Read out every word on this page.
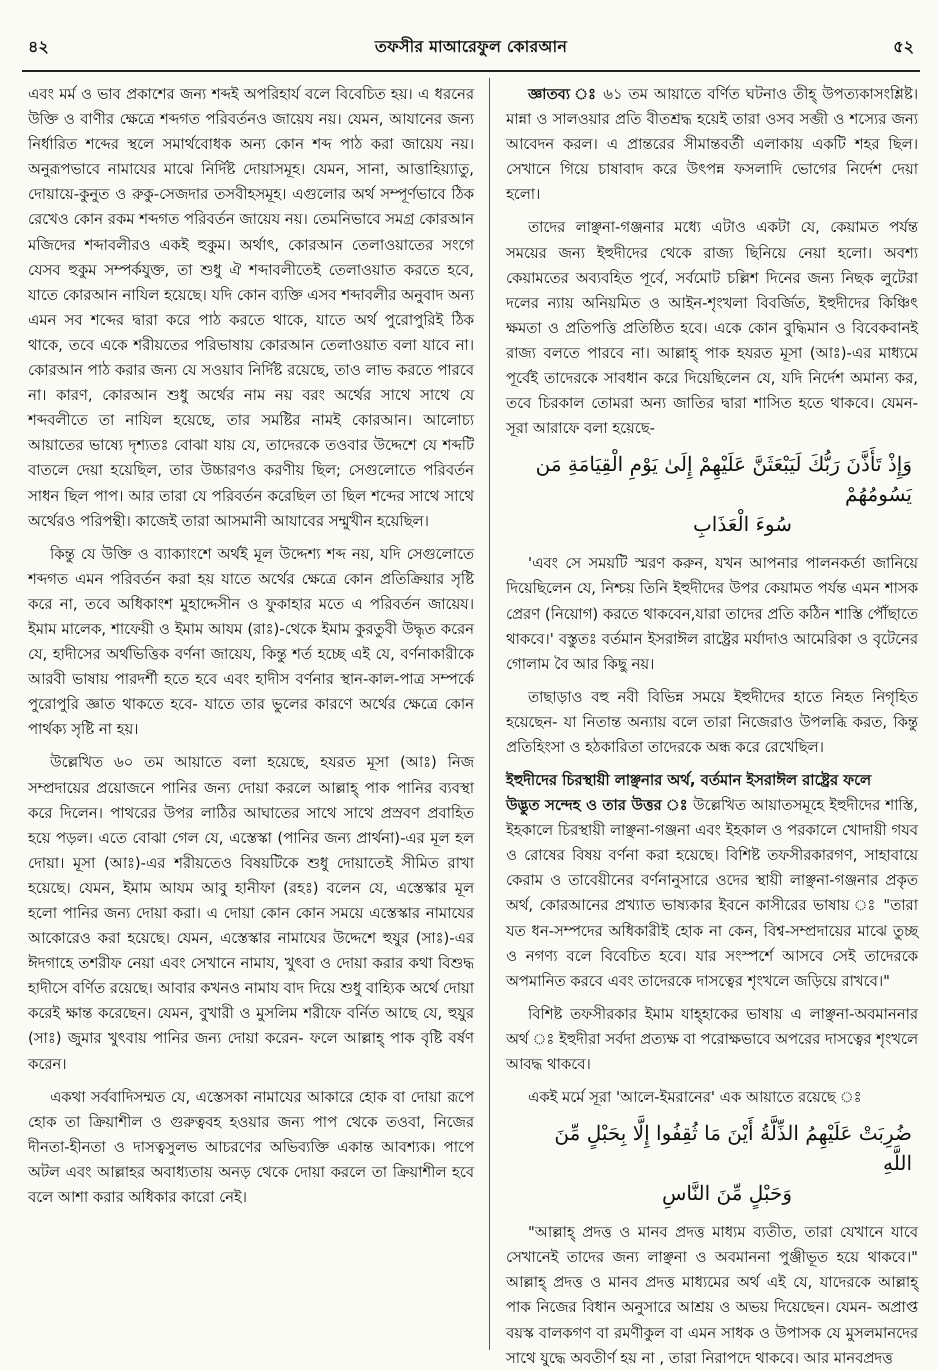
৪২	তফসীর মাআরেফুল কোরআন	৫২

এবং মর্ম ও ভাব প্রকাশের জন্য শব্দই অপরিহার্য বলে বিবেচিত হয়। এ ধরনের উক্তি ও বাণীর ক্ষেত্রে শব্দগত পরিবর্তনও জায়েয নয়। যেমন, আযানের জন্য নির্ধারিত শব্দের স্থলে সমার্থবোধক অন্য কোন শব্দ পাঠ করা জায়েয নয়। অনুরূপভাবে নামাযের মাঝে নির্দিষ্ট দোয়াসমূহ। যেমন, সানা, আত্তাহিয়্যাতু, দোয়ায়ে-কুনুত ও রুকু-সেজদার তসবীহসমূহ। এগুলোর অর্থ সম্পূর্ণভাবে ঠিক রেখেও কোন রকম শব্দগত পরিবর্তন জায়েয নয়। তেমনিভাবে সমগ্র কোরআন মজিদের শব্দাবলীরও একই হুকুম। অর্থাৎ, কোরআন তেলাওয়াতের সংগে যেসব হুকুম সম্পর্কযুক্ত, তা শুধু ঐ শব্দাবলীতেই তেলাওয়াত করতে হবে, যাতে কোরআন নাযিল হয়েছে। যদি কোন ব্যক্তি এসব শব্দাবলীর অনুবাদ অন্য এমন সব শব্দের দ্বারা করে পাঠ করতে থাকে, যাতে অর্থ পুরোপুরিই ঠিক থাকে, তবে একে শরীয়তের পরিভাষায় কোরআন তেলাওয়াত বলা যাবে না। কোরআন পাঠ করার জন্য যে সওয়াব নির্দিষ্ট রয়েছে, তাও লাভ করতে পারবে না। কারণ, কোরআন শুধু অর্থের নাম নয় বরং অর্থের সাথে সাথে যে শব্দবলীতে তা নাযিল হয়েছে, তার সমষ্টির নামই কোরআন। আলোচ্য আয়াতের ভাষ্যে দৃশ্যতঃ বোঝা যায় যে, তাদেরকে তওবার উদ্দেশে যে শব্দটি বাতলে দেয়া হয়েছিল, তার উচ্চারণও করণীয় ছিল; সেগুলোতে পরিবর্তন সাধন ছিল পাপ। আর তারা যে পরিবর্তন করেছিল তা ছিল শব্দের সাথে সাথে অর্থেরও পরিপন্থী। কাজেই তারা আসমানী আযাবের সম্মুখীন হয়েছিল।

কিন্তু যে উক্তি ও ব্যাক্যাংশে অর্থই মূল উদ্দেশ্য শব্দ নয়, যদি সেগুলোতে শব্দগত এমন পরিবর্তন করা হয় যাতে অর্থের ক্ষেত্রে কোন প্রতিক্রিয়ার সৃষ্টি করে না, তবে অধিকাংশ মুহাদ্দেসীন ও ফুকাহার মতে এ পরিবর্তন জায়েয। ইমাম মালেক, শাফেয়ী ও ইমাম আযম (রাঃ)-থেকে ইমাম কুরতুবী উদ্ধৃত করেন যে, হাদীসের অর্থভিত্তিক বর্ণনা জায়েয, কিন্তু শর্ত হচ্ছে এই যে, বর্ণনাকারীকে আরবী ভাষায় পারদর্শী হতে হবে এবং হাদীস বর্ণনার স্থান-কাল-পাত্র সম্পর্কে পুরোপুরি জ্ঞাত থাকতে হবে- যাতে তার ভুলের কারণে অর্থের ক্ষেত্রে কোন পার্থক্য সৃষ্টি না হয়।

উল্লেখিত ৬০ তম আয়াতে বলা হয়েছে, হযরত মূসা (আঃ) নিজ সম্প্রদায়ের প্রয়োজনে পানির জন্য দোয়া করলে আল্লাহ্ পাক পানির ব্যবস্থা করে দিলেন। পাথরের উপর লাঠির আঘাতের সাথে সাথে প্রস্রবণ প্রবাহিত হয়ে পড়ল। এতে বোঝা গেল যে, এস্তেস্কা (পানির জন্য প্রার্থনা)-এর মূল হল দোয়া। মূসা (আঃ)-এর শরীয়তেও বিষয়টিকে শুধু দোয়াতেই সীমিত রাখা হয়েছে। যেমন, ইমাম আযম আবু হানীফা (রহঃ) বলেন যে, এস্তেস্কার মূল হলো পানির জন্য দোয়া করা। এ দোয়া কোন কোন সময়ে এস্তেস্কার নামাযের আকোরেও করা হয়েছে। যেমন, এস্তেস্কার নামাযের উদ্দেশে হুযুর (সাঃ)-এর ঈদগাহে তশরীফ নেয়া এবং সেখানে নামায, খুৎবা ও দোয়া করার কথা বিশুদ্ধ হাদীসে বর্ণিত রয়েছে। আবার কখনও নামায বাদ দিয়ে শুধু বাহ্যিক অর্থে দোয়া করেই ক্ষান্ত করেছেন। যেমন, বুখারী ও মুসলিম শরীফে বর্নিত আছে যে, হুযুর (সাঃ) জুমার খুৎবায় পানির জন্য দোয়া করেন- ফলে আল্লাহ্ পাক বৃষ্টি বর্ষণ করেন।

একথা সর্ববাদিসম্মত যে, এস্তেসকা নামাযের আকারে হোক বা দোয়া রূপে হোক তা ক্রিয়াশীল ও গুরুত্ববহ হওয়ার জন্য পাপ থেকে তওবা, নিজের দীনতা-হীনতা ও দাসত্বসুলভ আচরণের অভিব্যক্তি একান্ত আবশ্যক। পাপে অটল এবং আল্লাহর অবাধ্যতায় অনড় থেকে দোয়া করলে তা ক্রিয়াশীল হবে বলে আশা করার অধিকার কারো নেই।

জ্ঞাতব্য ঃ ৬১ তম আয়াতে বর্ণিত ঘটনাও তীহ্ উপত্যকাসংশ্লিষ্ট। মান্না ও সালওয়ার প্রতি বীতশ্রদ্ধ হয়েই তারা ওসব সব্জী ও শস্যের জন্য আবেদন করল। এ প্রান্তরের সীমান্তবর্তী এলাকায় একটি শহর ছিল। সেখানে গিয়ে চাষাবাদ করে উৎপন্ন ফসলাদি ভোগের নির্দেশ দেয়া হলো।

তাদের লাঞ্ছনা-গঞ্জনার মধ্যে এটাও একটা যে, কেয়ামত পর্যন্ত সময়ের জন্য ইহুদীদের থেকে রাজ্য ছিনিয়ে নেয়া হলো। অবশ্য কেয়ামতের অব্যবহিত পূর্বে, সর্বমোট চল্লিশ দিনের জন্য নিছক লুটেরা দলের ন্যায় অনিয়মিত ও আইন-শৃংখলা বিবর্জিত, ইহুদীদের কিঞ্চিৎ ক্ষমতা ও প্রতিপত্তি প্রতিষ্ঠিত হবে। একে কোন বুদ্ধিমান ও বিবেকবানই রাজ্য বলতে পারবে না। আল্লাহ্ পাক হযরত মূসা (আঃ)-এর মাধ্যমে পূর্বেই তাদেরকে সাবধান করে দিয়েছিলেন যে, যদি নির্দেশ অমান্য কর, তবে চিরকাল তোমরা অন্য জাতির দ্বারা শাসিত হতে থাকবে। যেমন- সূরা আরাফে বলা হয়েছে-

وَإِذْ تَأَذَّنَ رَبُّكَ لَيَبْعَثَنَّ عَلَيْهِمْ إِلَىٰ يَوْمِ الْقِيَامَةِ مَن يَسُومُهُمْ
سُوءَ الْعَذَابِ

'এবং সে সময়টি স্মরণ করুন, যখন আপনার পালনকর্তা জানিয়ে দিয়েছিলেন যে, নিশ্চয় তিনি ইহুদীদের উপর কেয়ামত পর্যন্ত এমন শাসক প্রেরণ (নিয়োগ) করতে থাকবেন,যারা তাদের প্রতি কঠিন শাস্তি পৌঁছাতে থাকবে।' বস্তুতঃ বর্তমান ইসরাঈল রাষ্ট্রের মর্যাদাও আমেরিকা ও বৃটেনের গোলাম বৈ আর কিছু নয়।

তাছাড়াও বহু নবী বিভিন্ন সময়ে ইহুদীদের হাতে নিহত নিগৃহিত হয়েছেন- যা নিতান্ত অন্যায় বলে তারা নিজেরাও উপলব্ধি করত, কিন্তু প্রতিহিংসা ও হঠকারিতা তাদেরকে অন্ধ করে রেখেছিল।

ইহুদীদের চিরস্থায়ী লাঞ্ছনার অর্থ, বর্তমান ইসরাঈল রাষ্ট্রের ফলে

উদ্ভুত সন্দেহ ও তার উত্তর ঃ উল্লেখিত আয়াতসমূহে ইহুদীদের শাস্তি, ইহকালে চিরস্থায়ী লাঞ্ছনা-গঞ্জনা এবং ইহকাল ও পরকালে খোদায়ী গযব ও রোষের বিষয় বর্ণনা করা হয়েছে। বিশিষ্ট তফসীরকারগণ, সাহাবায়ে কেরাম ও তাবেয়ীনের বর্ণনানুসারে ওদের স্থায়ী লাঞ্ছনা-গঞ্জনার প্রকৃত অর্থ, কোরআনের প্রখ্যাত ভাষ্যকার ইবনে কাসীরের ভাষায় ঃ "তারা যত ধন-সম্পদের অধিকারীই হোক না কেন, বিশ্ব-সম্প্রদায়ের মাঝে তুচ্ছ ও নগণ্য বলে বিবেচিত হবে। যার সংস্পর্শে আসবে সেই তাদেরকে অপমানিত করবে এবং তাদেরকে দাসত্বের শৃংখলে জড়িয়ে রাখবে।"

বিশিষ্ট তফসীরকার ইমাম যাহ্হাকের ভাষায় এ লাঞ্ছনা-অবমাননার অর্থ ঃ ইহুদীরা সর্বদা প্রত্যক্ষ বা পরোক্ষভাবে অপরের দাসত্বের শৃংখলে আবদ্ধ থাকবে।

একই মর্মে সূরা 'আলে-ইমরানের' এক আয়াতে রয়েছে ঃ

ضُرِبَتْ عَلَيْهِمُ الذِّلَّةُ أَيْنَ مَا ثُقِفُوا إِلَّا بِحَبْلٍ مِّنَ اللَّهِ
وَحَبْلٍ مِّنَ النَّاسِ

"আল্লাহ্ প্রদত্ত ও মানব প্রদত্ত মাধ্যম ব্যতীত, তারা যেখানে যাবে সেখানেই তাদের জন্য লাঞ্ছনা ও অবমাননা পুঞ্জীভূত হয়ে থাকবে।" আল্লাহ্ প্রদত্ত ও মানব প্রদত্ত মাধ্যমের অর্থ এই যে, যাদেরকে আল্লাহ্ পাক নিজের বিধান অনুসারে আশ্রয় ও অভয় দিয়েছেন। যেমন- অপ্রাপ্ত বয়স্ক বালকগণ বা রমণীকুল বা এমন সাধক ও উপাসক যে মুসলমানদের সাথে যুদ্ধে অবতীর্ণ হয় না , তারা নিরাপদে থাকবে। আর মানবপ্রদত্ত
